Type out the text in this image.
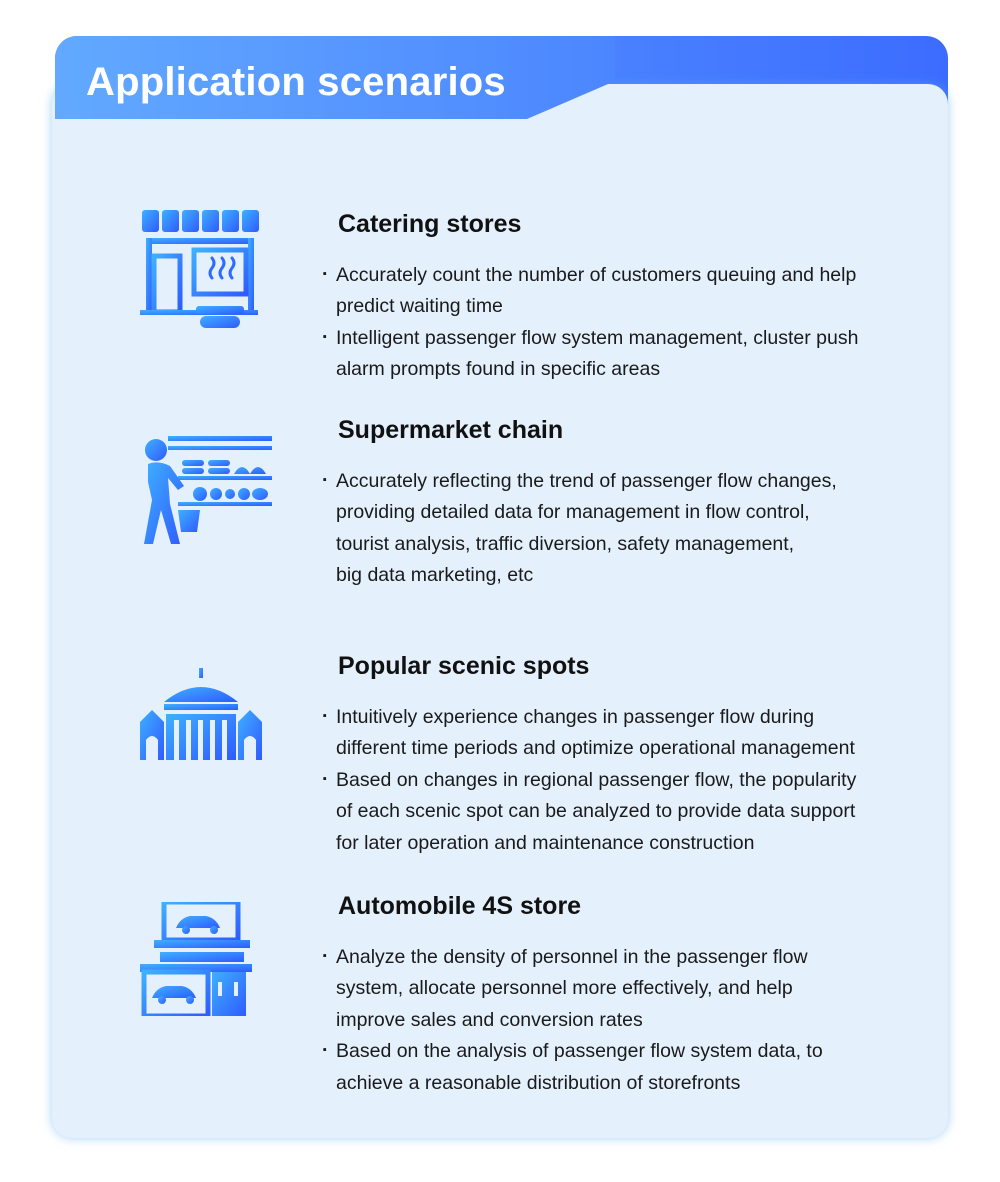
Application scenarios
Catering stores
· Accurately count the number of customers queuing and help
predict waiting time
· Intelligent passenger flow system management, cluster push
alarm prompts found in specific areas
Supermarket chain
· Accurately reflecting the trend of passenger flow changes,
providing detailed data for management in flow control,
tourist analysis, traffic diversion, safety management,
big data marketing, etc
Popular scenic spots
· Intuitively experience changes in passenger flow during
different time periods and optimize operational management
· Based on changes in regional passenger flow, the popularity
of each scenic spot can be analyzed to provide data support
for later operation and maintenance construction
Automobile 4S store
· Analyze the density of personnel in the passenger flow
system, allocate personnel more effectively, and help
improve sales and conversion rates
· Based on the analysis of passenger flow system data, to
achieve a reasonable distribution of storefronts
